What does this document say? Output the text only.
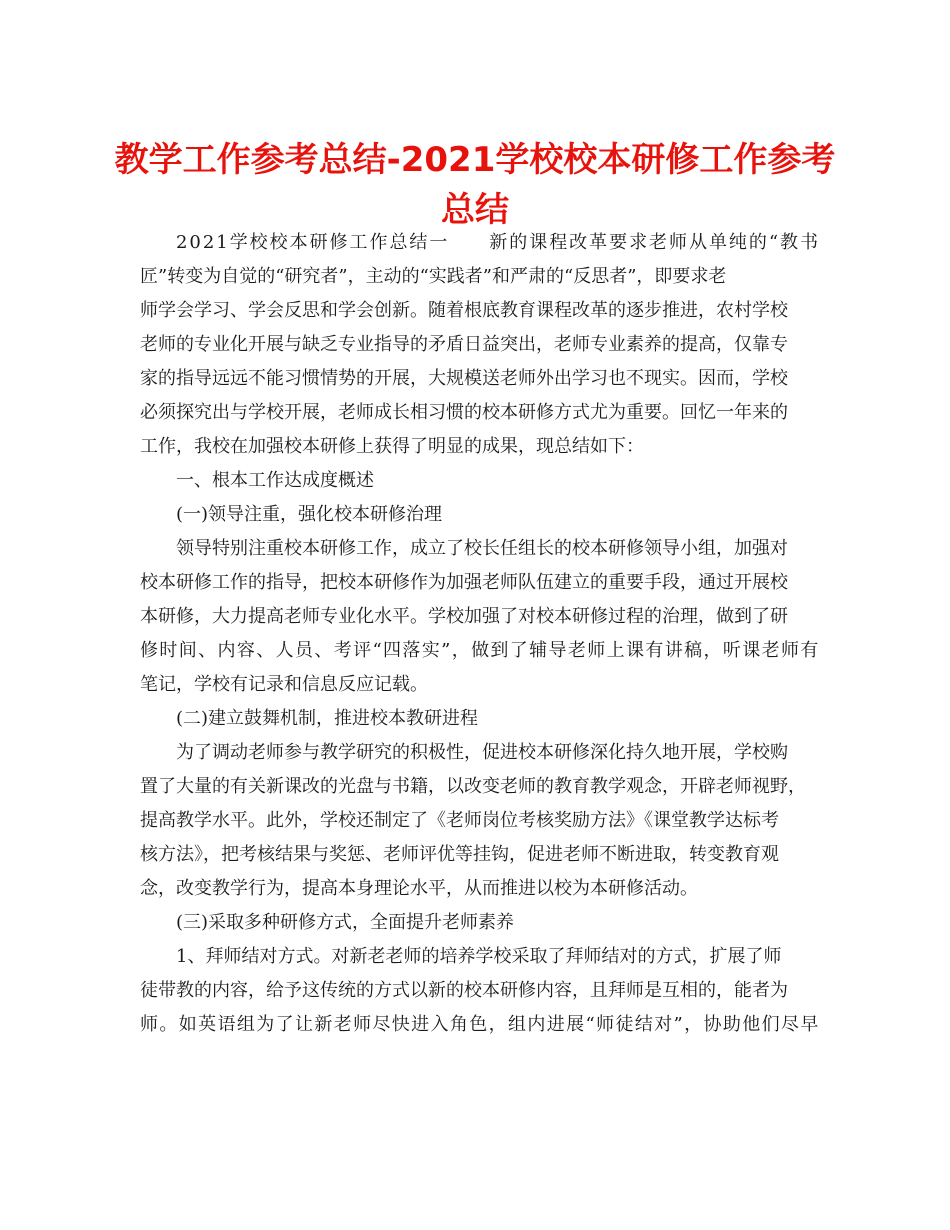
教学工作参考总结-2021学校校本研修工作参考
总结
2021学校校本研修工作总结一　　新的课程改革要求老师从单纯的“教书
匠”转变为自觉的“研究者”，主动的“实践者”和严肃的“反思者”，即要求老
师学会学习、学会反思和学会创新。随着根底教育课程改革的逐步推进，农村学校
老师的专业化开展与缺乏专业指导的矛盾日益突出，老师专业素养的提高，仅靠专
家的指导远远不能习惯情势的开展，大规模送老师外出学习也不现实。因而，学校
必须探究出与学校开展，老师成长相习惯的校本研修方式尤为重要。回忆一年来的
工作，我校在加强校本研修上获得了明显的成果，现总结如下：
一、根本工作达成度概述
(一)领导注重，强化校本研修治理
领导特别注重校本研修工作，成立了校长任组长的校本研修领导小组，加强对
校本研修工作的指导，把校本研修作为加强老师队伍建立的重要手段，通过开展校
本研修，大力提高老师专业化水平。学校加强了对校本研修过程的治理，做到了研
修时间、内容、人员、考评“四落实”，做到了辅导老师上课有讲稿，听课老师有
笔记，学校有记录和信息反应记载。
(二)建立鼓舞机制，推进校本教研进程
为了调动老师参与教学研究的积极性，促进校本研修深化持久地开展，学校购
置了大量的有关新课改的光盘与书籍，以改变老师的教育教学观念，开辟老师视野，
提高教学水平。此外，学校还制定了《老师岗位考核奖励方法》《课堂教学达标考
核方法》，把考核结果与奖惩、老师评优等挂钩，促进老师不断进取，转变教育观
念，改变教学行为，提高本身理论水平，从而推进以校为本研修活动。
(三)采取多种研修方式，全面提升老师素养
1、拜师结对方式。对新老老师的培养学校采取了拜师结对的方式，扩展了师
徒带教的内容，给予这传统的方式以新的校本研修内容，且拜师是互相的，能者为
师。如英语组为了让新老师尽快进入角色，组内进展“师徒结对”，协助他们尽早
